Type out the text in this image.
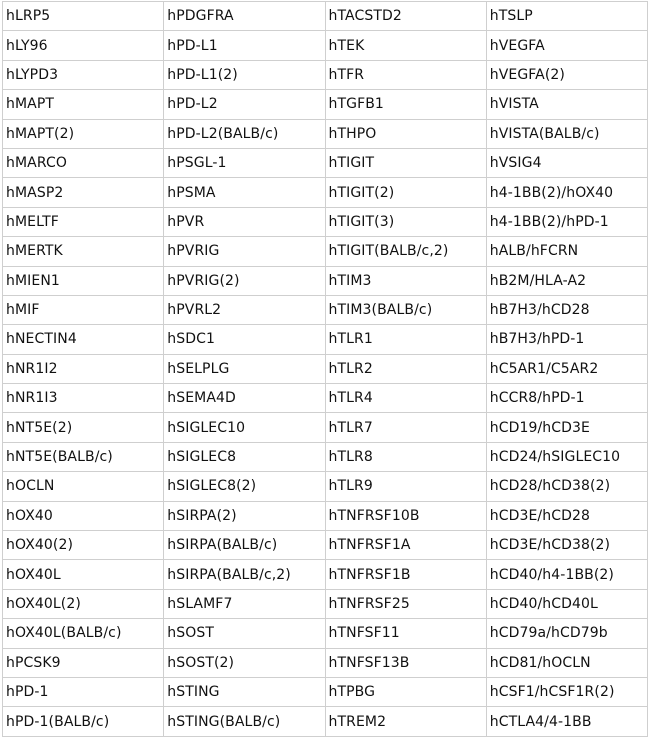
hLRP5	hPDGFRA	hTACSTD2	hTSLP
hLY96	hPD-L1	hTEK	hVEGFA
hLYPD3	hPD-L1(2)	hTFR	hVEGFA(2)
hMAPT	hPD-L2	hTGFB1	hVISTA
hMAPT(2)	hPD-L2(BALB/c)	hTHPO	hVISTA(BALB/c)
hMARCO	hPSGL-1	hTIGIT	hVSIG4
hMASP2	hPSMA	hTIGIT(2)	h4-1BB(2)/hOX40
hMELTF	hPVR	hTIGIT(3)	h4-1BB(2)/hPD-1
hMERTK	hPVRIG	hTIGIT(BALB/c,2)	hALB/hFCRN
hMIEN1	hPVRIG(2)	hTIM3	hB2M/HLA-A2
hMIF	hPVRL2	hTIM3(BALB/c)	hB7H3/hCD28
hNECTIN4	hSDC1	hTLR1	hB7H3/hPD-1
hNR1I2	hSELPLG	hTLR2	hC5AR1/C5AR2
hNR1I3	hSEMA4D	hTLR4	hCCR8/hPD-1
hNT5E(2)	hSIGLEC10	hTLR7	hCD19/hCD3E
hNT5E(BALB/c)	hSIGLEC8	hTLR8	hCD24/hSIGLEC10
hOCLN	hSIGLEC8(2)	hTLR9	hCD28/hCD38(2)
hOX40	hSIRPA(2)	hTNFRSF10B	hCD3E/hCD28
hOX40(2)	hSIRPA(BALB/c)	hTNFRSF1A	hCD3E/hCD38(2)
hOX40L	hSIRPA(BALB/c,2)	hTNFRSF1B	hCD40/h4-1BB(2)
hOX40L(2)	hSLAMF7	hTNFRSF25	hCD40/hCD40L
hOX40L(BALB/c)	hSOST	hTNFSF11	hCD79a/hCD79b
hPCSK9	hSOST(2)	hTNFSF13B	hCD81/hOCLN
hPD-1	hSTING	hTPBG	hCSF1/hCSF1R(2)
hPD-1(BALB/c)	hSTING(BALB/c)	hTREM2	hCTLA4/4-1BB
